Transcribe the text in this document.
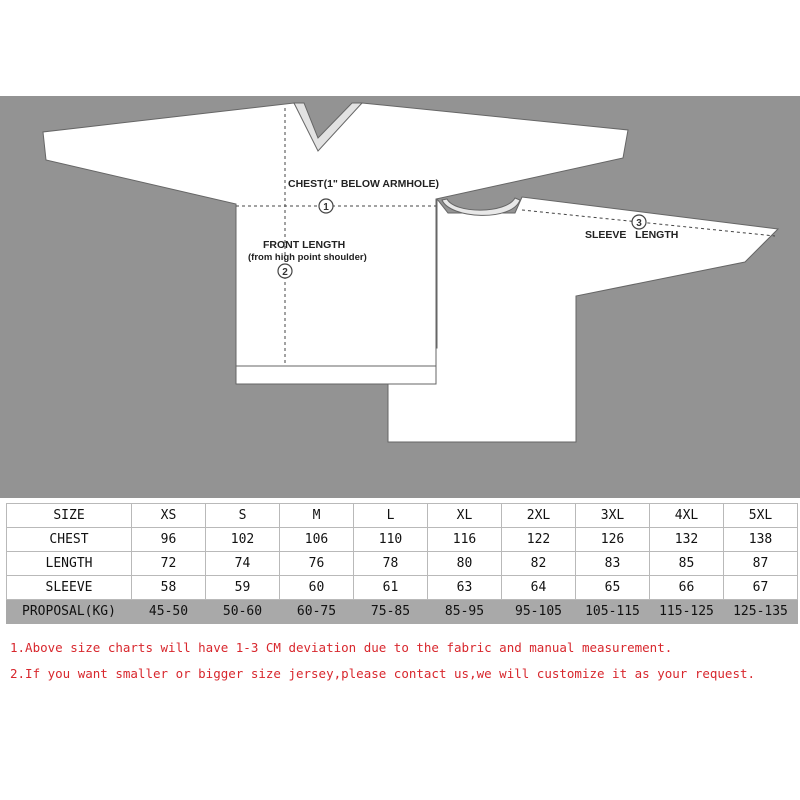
1
2
3
CHEST(1" BELOW ARMHOLE)
FRONT LENGTH
(from high point shoulder)
SLEEVE   LENGTH
SIZE	XS	S	M	L	XL	2XL	3XL	4XL	5XL
CHEST	96	102	106	110	116	122	126	132	138
LENGTH	72	74	76	78	80	82	83	85	87
SLEEVE	58	59	60	61	63	64	65	66	67
PROPOSAL(KG)	45-50	50-60	60-75	75-85	85-95	95-105	105-115	115-125	125-135
1.Above size charts will have 1-3 CM deviation due to the fabric and manual measurement.
2.If you want smaller or bigger size jersey,please contact us,we will customize it as your request.
